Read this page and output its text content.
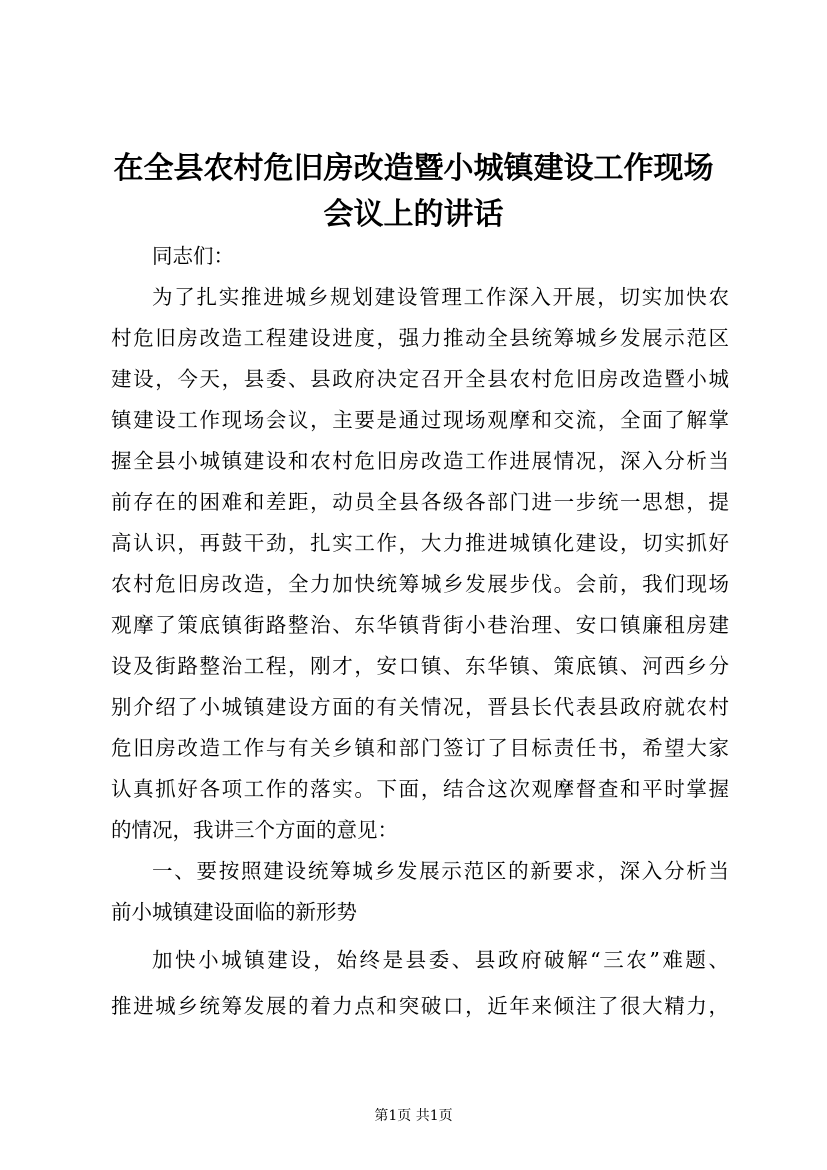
在全县农村危旧房改造暨小城镇建设工作现场
会议上的讲话
同志们：
为了扎实推进城乡规划建设管理工作深入开展，切实加快农
村危旧房改造工程建设进度，强力推动全县统筹城乡发展示范区
建设，今天，县委、县政府决定召开全县农村危旧房改造暨小城
镇建设工作现场会议，主要是通过现场观摩和交流，全面了解掌
握全县小城镇建设和农村危旧房改造工作进展情况，深入分析当
前存在的困难和差距，动员全县各级各部门进一步统一思想，提
高认识，再鼓干劲，扎实工作，大力推进城镇化建设，切实抓好
农村危旧房改造，全力加快统筹城乡发展步伐。会前，我们现场
观摩了策底镇街路整治、东华镇背街小巷治理、安口镇廉租房建
设及街路整治工程，刚才，安口镇、东华镇、策底镇、河西乡分
别介绍了小城镇建设方面的有关情况，晋县长代表县政府就农村
危旧房改造工作与有关乡镇和部门签订了目标责任书，希望大家
认真抓好各项工作的落实。下面，结合这次观摩督查和平时掌握
的情况，我讲三个方面的意见：
一、要按照建设统筹城乡发展示范区的新要求，深入分析当
前小城镇建设面临的新形势
加快小城镇建设，始终是县委、县政府破解“三农”难题、
推进城乡统筹发展的着力点和突破口，近年来倾注了很大精力，
第1页 共1页
